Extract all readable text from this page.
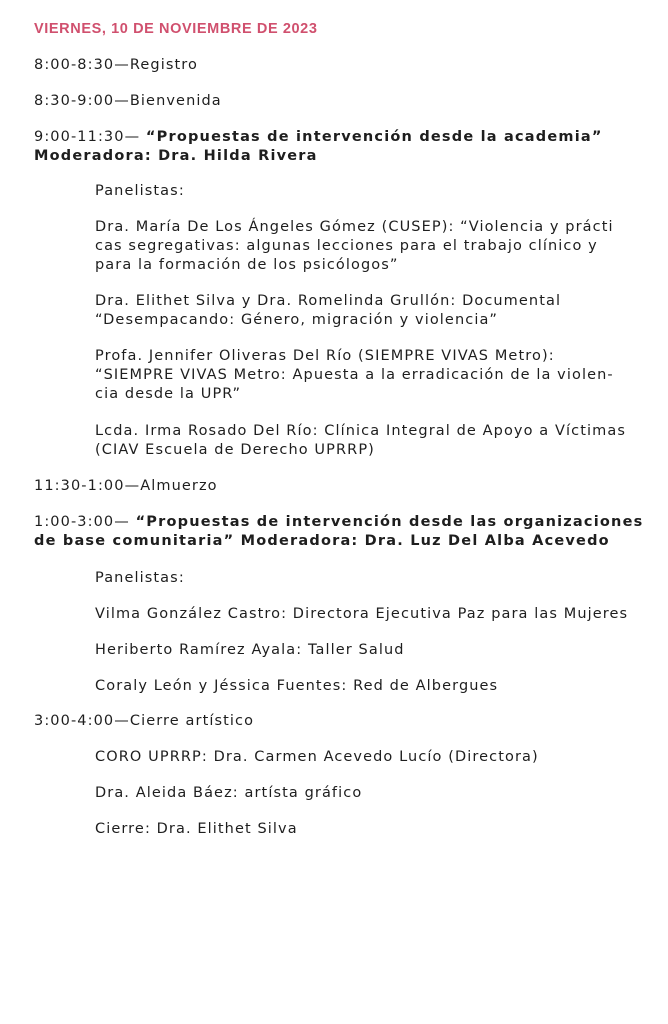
VIERNES, 10 DE NOVIEMBRE DE 2023

8:00-8:30—Registro

8:30-9:00—Bienvenida

9:00-11:30— “Propuestas de intervención desde la academia”
Moderadora: Dra. Hilda Rivera

Panelistas:

Dra. María De Los Ángeles Gómez (CUSEP): “Violencia y prácti
cas segregativas: algunas lecciones para el trabajo clínico y
para la formación de los psicólogos”

Dra. Elithet Silva y Dra. Romelinda Grullón: Documental
“Desempacando: Género, migración y violencia”

Profa. Jennifer Oliveras Del Río (SIEMPRE VIVAS Metro):
“SIEMPRE VIVAS Metro: Apuesta a la erradicación de la violen-
cia desde la UPR”

Lcda. Irma Rosado Del Río: Clínica Integral de Apoyo a Víctimas
(CIAV Escuela de Derecho UPRRP)

11:30-1:00—Almuerzo

1:00-3:00— “Propuestas de intervención desde las organizaciones
de base comunitaria” Moderadora: Dra. Luz Del Alba Acevedo

Panelistas:

Vilma González Castro: Directora Ejecutiva Paz para las Mujeres

Heriberto Ramírez Ayala: Taller Salud

Coraly León y Jéssica Fuentes: Red de Albergues

3:00-4:00—Cierre artístico

CORO UPRRP: Dra. Carmen Acevedo Lucío (Directora)

Dra. Aleida Báez: artísta gráfico

Cierre: Dra. Elithet Silva
